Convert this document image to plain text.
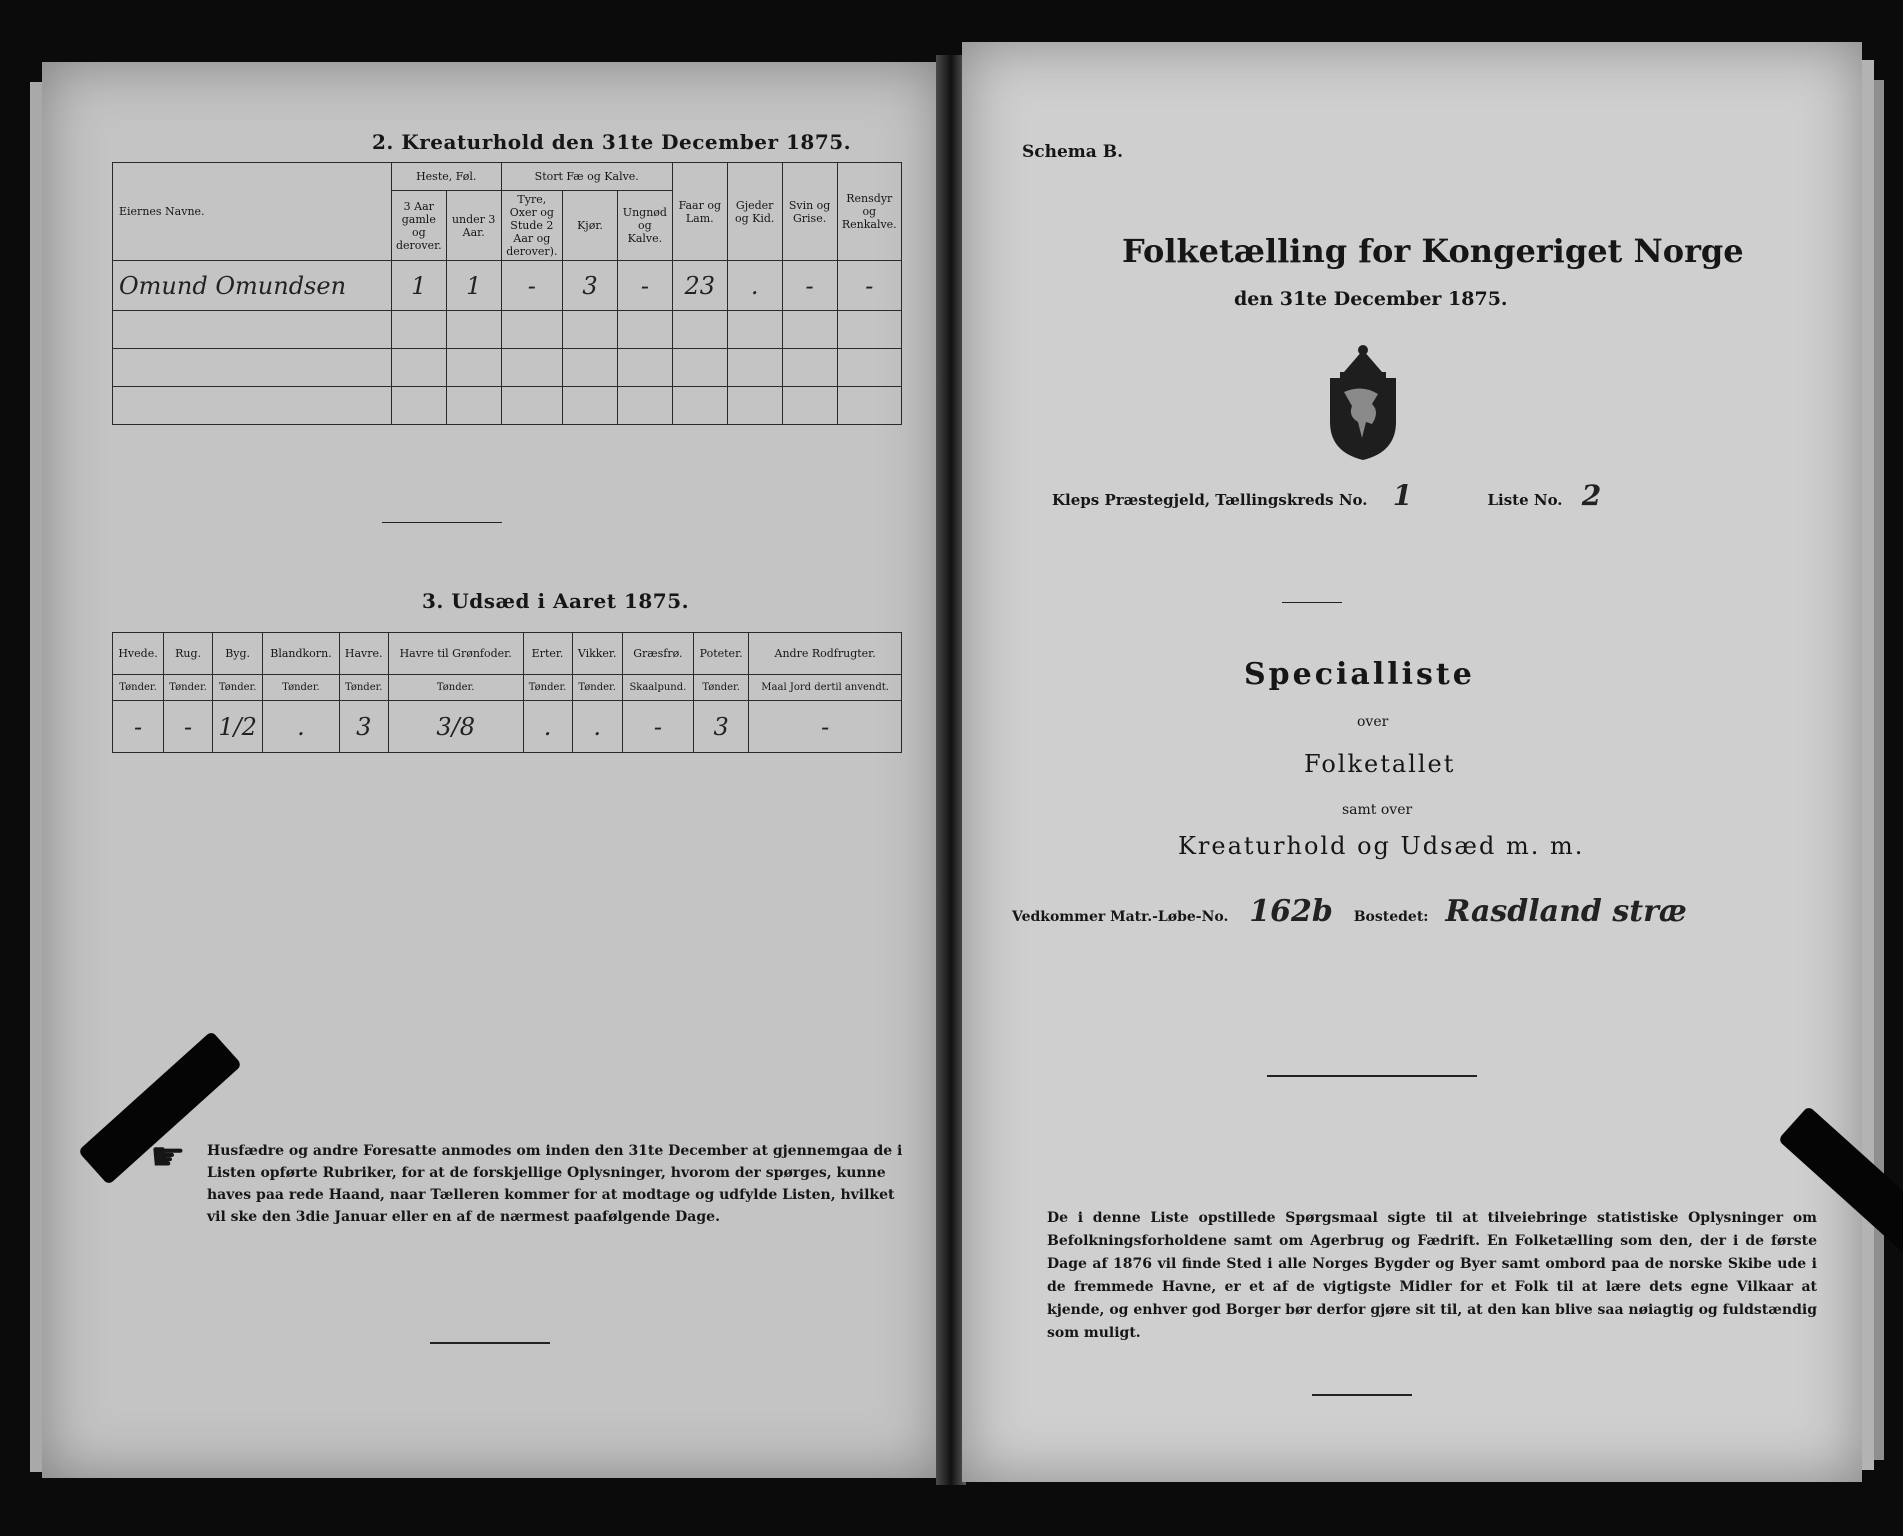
2. Kreaturhold den 31te December 1875.
Eiernes Navne.	Heste, Føl.		Stort Fæ og Kalve.			Faar og Lam.	Gjeder og Kid.	Svin og Grise.	Rensdyr og Renkalve.
	3 Aar gamle og derover.	under 3 Aar.	Tyre, Oxer og Stude 2 Aar og derover).	Kjør.	Ungnød og Kalve.				
Omund Omundsen	1	1	-	3	-	23	.	-	-

3. Udsæd i Aaret 1875.
Hvede.	Rug.	Byg.	Blandkorn.	Havre.	Havre til Grønfoder.	Erter.	Vikker.	Græsfrø.	Poteter.	Andre Rodfrugter.
Tønder.	Tønder.	Tønder.	Tønder.	Tønder.	Tønder.	Tønder.	Tønder.	Skaalpund.	Tønder.	Maal Jord dertil anvendt.
-	-	1/2	.	3	3/8	.	.	-	3	-
☛ Husfædre og andre Foresatte anmodes om inden den 31te December at gjennemgaa de i Listen opførte Rubriker, for at de forskjellige Oplysninger, hvorom der spørges, kunne haves paa rede Haand, naar Tælleren kommer for at modtage og udfylde Listen, hvilket vil ske den 3die Januar eller en af de nærmest paafølgende Dage.
Schema B.
Folketælling for Kongeriget Norge
den 31te December 1875.
Kleps Præstegjeld, Tællingskreds No. 1	Liste No. 2
Specialliste
over
Folketallet
samt over
Kreaturhold og Udsæd m. m.
Vedkommer Matr.-Løbe-No. 162b Bostedet: Rasdland stræ
De i denne Liste opstillede Spørgsmaal sigte til at tilveiebringe statistiske Oplysninger om Befolkningsforholdene samt om Agerbrug og Fædrift. En Folketælling som den, der i de første Dage af 1876 vil finde Sted i alle Norges Bygder og Byer samt ombord paa de norske Skibe ude i de fremmede Havne, er et af de vigtigste Midler for et Folk til at lære dets egne Vilkaar at kjende, og enhver god Borger bør derfor gjøre sit til, at den kan blive saa nøiagtig og fuldstændig som muligt.
